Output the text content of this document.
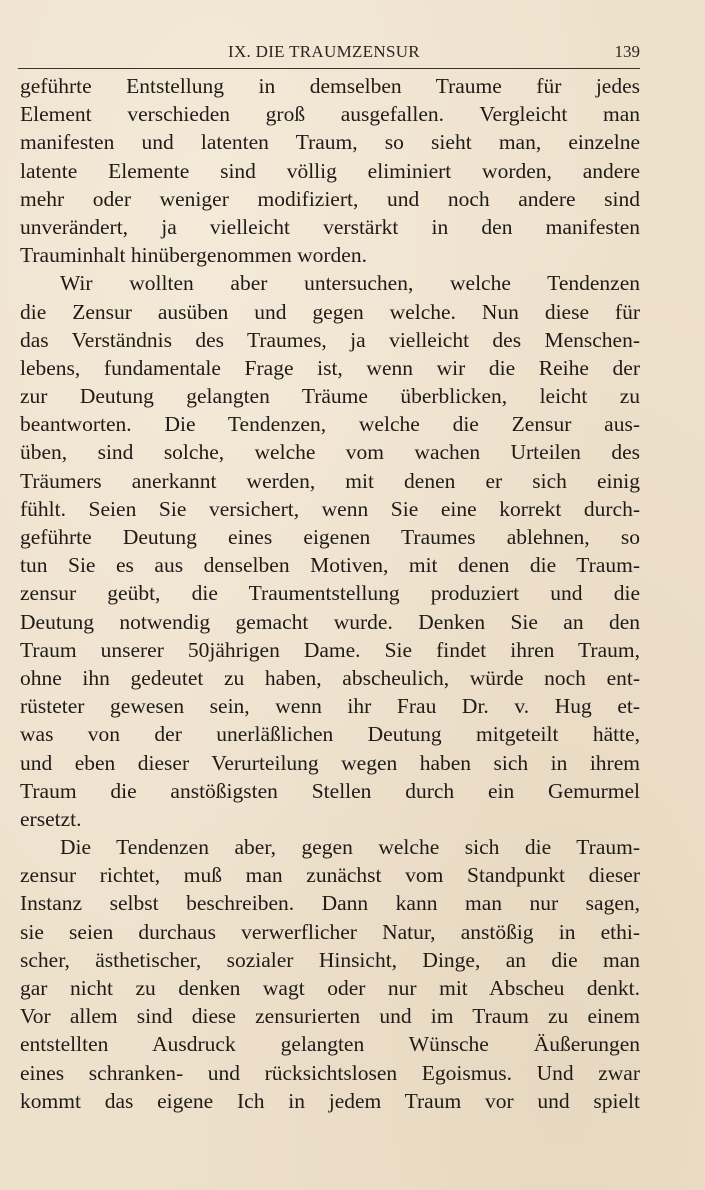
IX. DIE TRAUMZENSUR	139
geführte Entstellung in demselben Traume für jedes
Element verschieden groß ausgefallen. Vergleicht man
manifesten und latenten Traum, so sieht man, einzelne
latente Elemente sind völlig eliminiert worden, andere
mehr oder weniger modifiziert, und noch andere sind
unverändert, ja vielleicht verstärkt in den manifesten
Trauminhalt hinübergenommen worden.
Wir wollten aber untersuchen, welche Tendenzen
die Zensur ausüben und gegen welche. Nun diese für
das Verständnis des Traumes, ja vielleicht des Menschen-
lebens, fundamentale Frage ist, wenn wir die Reihe der
zur Deutung gelangten Träume überblicken, leicht zu
beantworten. Die Tendenzen, welche die Zensur aus-
üben, sind solche, welche vom wachen Urteilen des
Träumers anerkannt werden, mit denen er sich einig
fühlt. Seien Sie versichert, wenn Sie eine korrekt durch-
geführte Deutung eines eigenen Traumes ablehnen, so
tun Sie es aus denselben Motiven, mit denen die Traum-
zensur geübt, die Traumentstellung produziert und die
Deutung notwendig gemacht wurde. Denken Sie an den
Traum unserer 50jährigen Dame. Sie findet ihren Traum,
ohne ihn gedeutet zu haben, abscheulich, würde noch ent-
rüsteter gewesen sein, wenn ihr Frau Dr. v. Hug et-
was von der unerläßlichen Deutung mitgeteilt hätte,
und eben dieser Verurteilung wegen haben sich in ihrem
Traum die anstößigsten Stellen durch ein Gemurmel
ersetzt.
Die Tendenzen aber, gegen welche sich die Traum-
zensur richtet, muß man zunächst vom Standpunkt dieser
Instanz selbst beschreiben. Dann kann man nur sagen,
sie seien durchaus verwerflicher Natur, anstößig in ethi-
scher, ästhetischer, sozialer Hinsicht, Dinge, an die man
gar nicht zu denken wagt oder nur mit Abscheu denkt.
Vor allem sind diese zensurierten und im Traum zu einem
entstellten Ausdruck gelangten Wünsche Äußerungen
eines schranken- und rücksichtslosen Egoismus. Und zwar
kommt das eigene Ich in jedem Traum vor und spielt
